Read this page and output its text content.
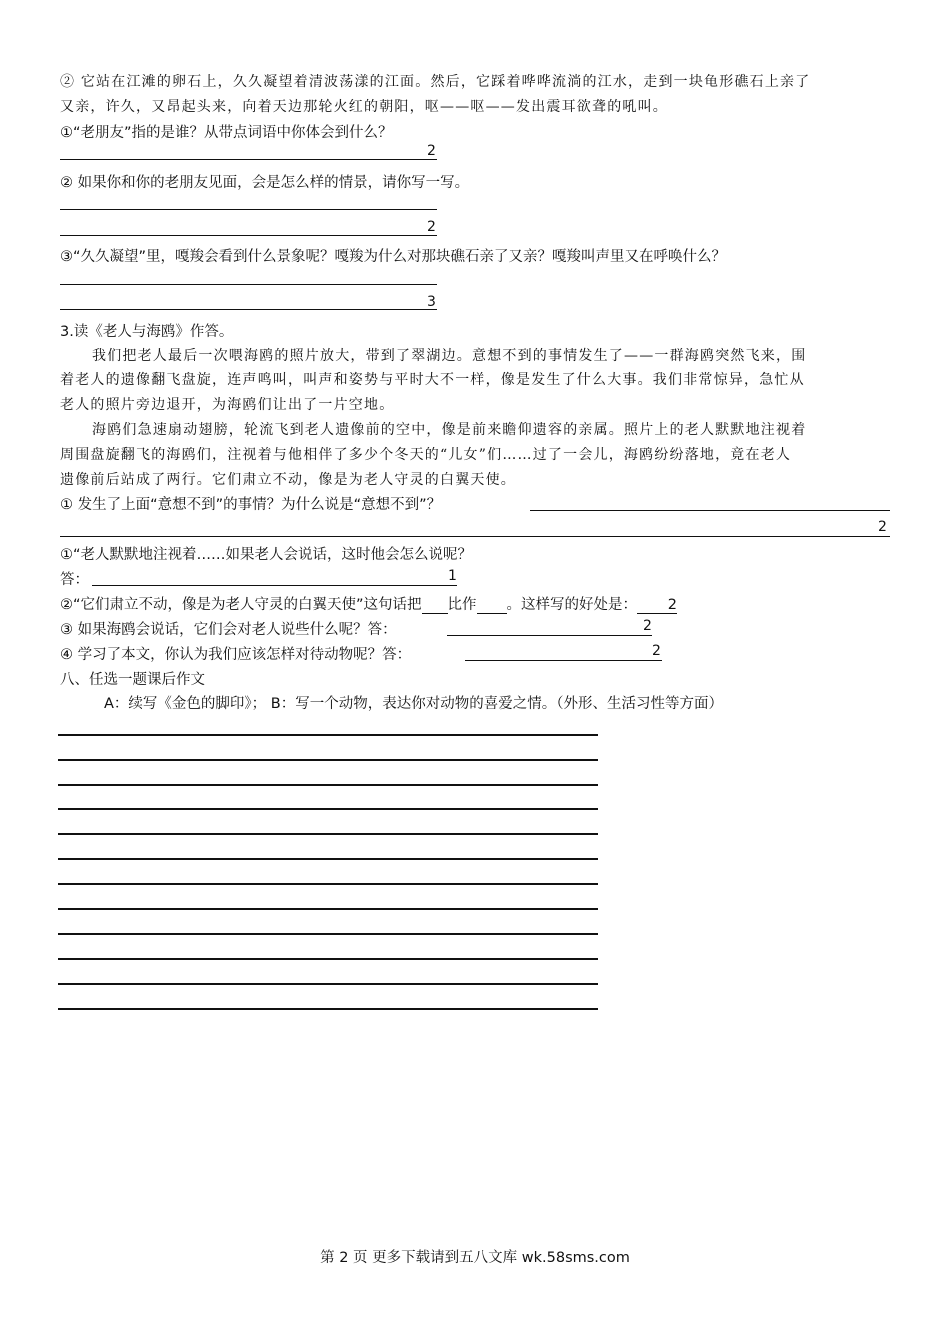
② 它站在江滩的卵石上，久久凝望着清波荡漾的江面。然后，它踩着哗哗流淌的江水，走到一块龟形礁石上亲了
又亲，许久，又昂起头来，向着天边那轮火红的朝阳，呕——呕——发出震耳欲聋的吼叫。
①“老朋友”指的是谁？从带点词语中你体会到什么？
2
② 如果你和你的老朋友见面，会是怎么样的情景，请你写一写。
2
③“久久凝望”里，嘎羧会看到什么景象呢？嘎羧为什么对那块礁石亲了又亲？嘎羧叫声里又在呼唤什么？
3
3.读《老人与海鸥》作答。
我们把老人最后一次喂海鸥的照片放大，带到了翠湖边。意想不到的事情发生了——一群海鸥突然飞来，围
着老人的遗像翻飞盘旋，连声鸣叫，叫声和姿势与平时大不一样，像是发生了什么大事。我们非常惊异，急忙从
老人的照片旁边退开，为海鸥们让出了一片空地。
海鸥们急速扇动翅膀，轮流飞到老人遗像前的空中，像是前来瞻仰遗容的亲属。照片上的老人默默地注视着
周围盘旋翻飞的海鸥们，注视着与他相伴了多少个冬天的“儿女”们……过了一会儿，海鸥纷纷落地，竟在老人
遗像前后站成了两行。它们肃立不动，像是为老人守灵的白翼天使。
① 发生了上面“意想不到”的事情？为什么说是“意想不到”？
2
①“老人默默地注视着……如果老人会说话，这时他会怎么说呢？
答：	1
②“它们肃立不动，像是为老人守灵的白翼天使”这句话把 比作 。这样写的好处是： 2
③ 如果海鸥会说话，它们会对老人说些什么呢？答：	2
④ 学习了本文，你认为我们应该怎样对待动物呢？答：	2
八、任选一题课后作文
A：续写《金色的脚印》； B：写一个动物，表达你对动物的喜爱之情。（外形、生活习性等方面）
第 2 页 更多下载请到五八文库 wk.58sms.com
